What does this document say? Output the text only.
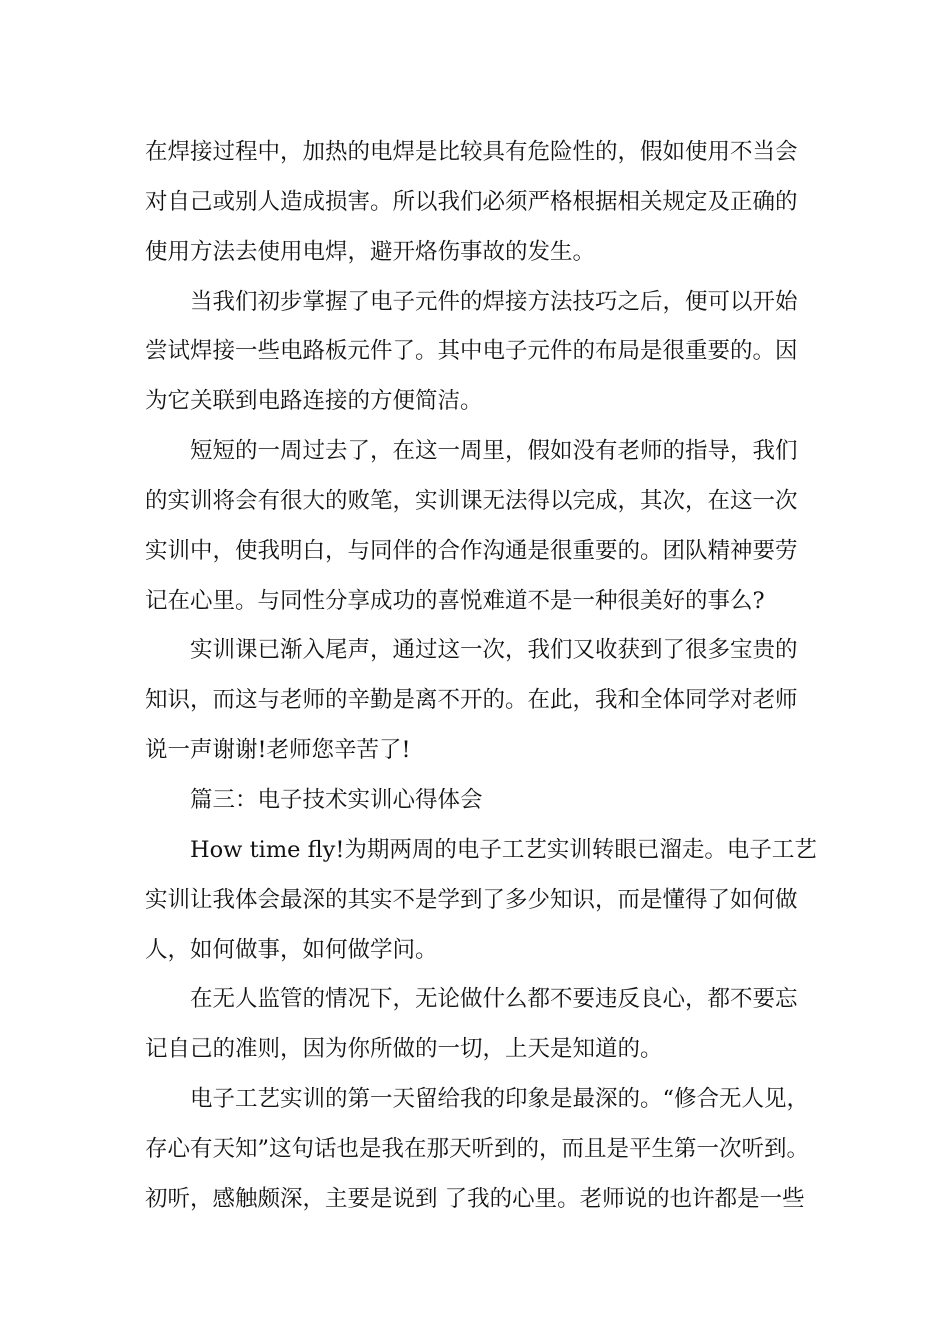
在焊接过程中，加热的电焊是比较具有危险性的，假如使用不当会
对自己或别人造成损害。所以我们必须严格根据相关规定及正确的
使用方法去使用电焊，避开烙伤事故的发生。
当我们初步掌握了电子元件的焊接方法技巧之后，便可以开始
尝试焊接一些电路板元件了。其中电子元件的布局是很重要的。因
为它关联到电路连接的方便简洁。
短短的一周过去了，在这一周里，假如没有老师的指导，我们
的实训将会有很大的败笔，实训课无法得以完成，其次，在这一次
实训中，使我明白，与同伴的合作沟通是很重要的。团队精神要劳
记在心里。与同性分享成功的喜悦难道不是一种很美好的事么?
实训课已渐入尾声，通过这一次，我们又收获到了很多宝贵的
知识，而这与老师的辛勤是离不开的。在此，我和全体同学对老师
说一声谢谢!老师您辛苦了!
篇三：电子技术实训心得体会
How time fly!为期两周的电子工艺实训转眼已溜走。电子工艺
实训让我体会最深的其实不是学到了多少知识，而是懂得了如何做
人，如何做事，如何做学问。
在无人监管的情况下，无论做什么都不要违反良心，都不要忘
记自己的准则，因为你所做的一切，上天是知道的。
电子工艺实训的第一天留给我的印象是最深的。“修合无人见，
存心有天知”这句话也是我在那天听到的，而且是平生第一次听到。
初听，感触颇深，主要是说到 了我的心里。老师说的也许都是一些
